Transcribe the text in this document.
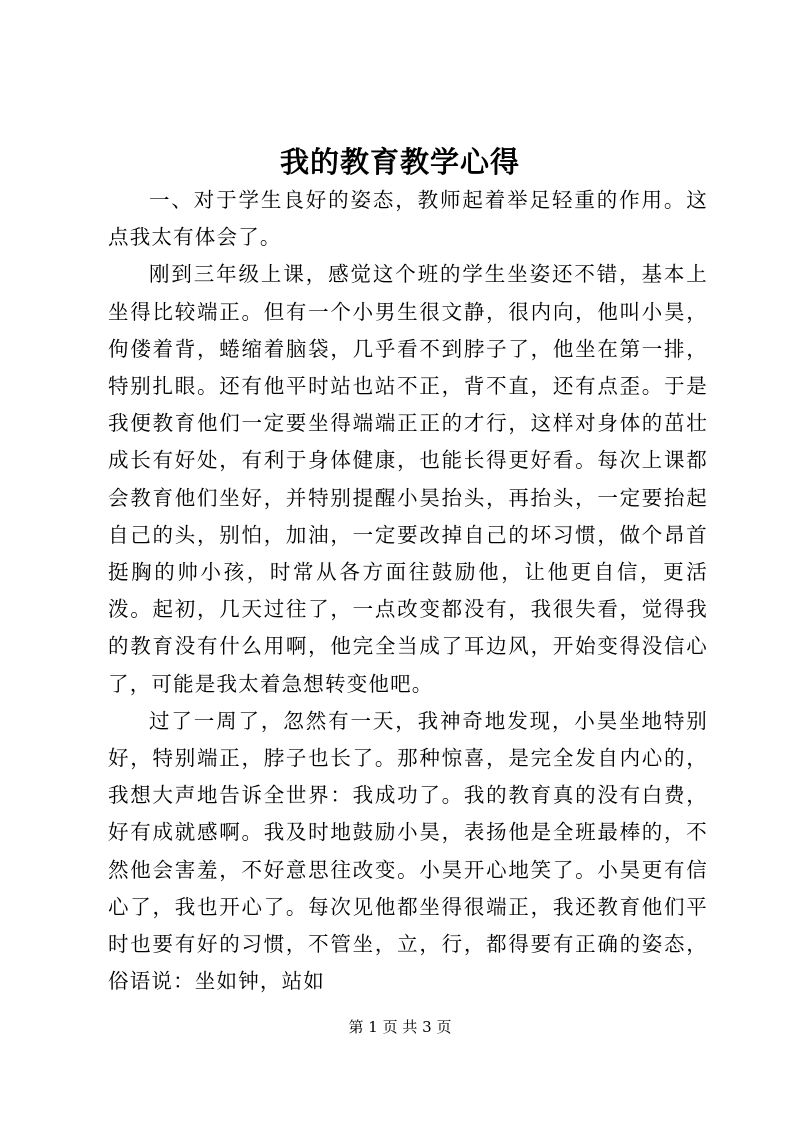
我的教育教学心得

一、对于学生良好的姿态，教师起着举足轻重的作用。这点我太有体会了。

刚到三年级上课，感觉这个班的学生坐姿还不错，基本上坐得比较端正。但有一个小男生很文静，很内向，他叫小昊，佝偻着背，蜷缩着脑袋，几乎看不到脖子了，他坐在第一排，特别扎眼。还有他平时站也站不正，背不直，还有点歪。于是我便教育他们一定要坐得端端正正的才行，这样对身体的茁壮成长有好处，有利于身体健康，也能长得更好看。每次上课都会教育他们坐好，并特别提醒小昊抬头，再抬头，一定要抬起自己的头，别怕，加油，一定要改掉自己的坏习惯，做个昂首挺胸的帅小孩，时常从各方面往鼓励他，让他更自信，更活泼。起初，几天过往了，一点改变都没有，我很失看，觉得我的教育没有什么用啊，他完全当成了耳边风，开始变得没信心了，可能是我太着急想转变他吧。

过了一周了，忽然有一天，我神奇地发现，小昊坐地特别好，特别端正，脖子也长了。那种惊喜，是完全发自内心的，我想大声地告诉全世界：我成功了。我的教育真的没有白费，好有成就感啊。我及时地鼓励小昊，表扬他是全班最棒的，不然他会害羞，不好意思往改变。小昊开心地笑了。小昊更有信心了，我也开心了。每次见他都坐得很端正，我还教育他们平时也要有好的习惯，不管坐，立，行，都得要有正确的姿态，俗语说：坐如钟，站如

第 1 页 共 3 页
